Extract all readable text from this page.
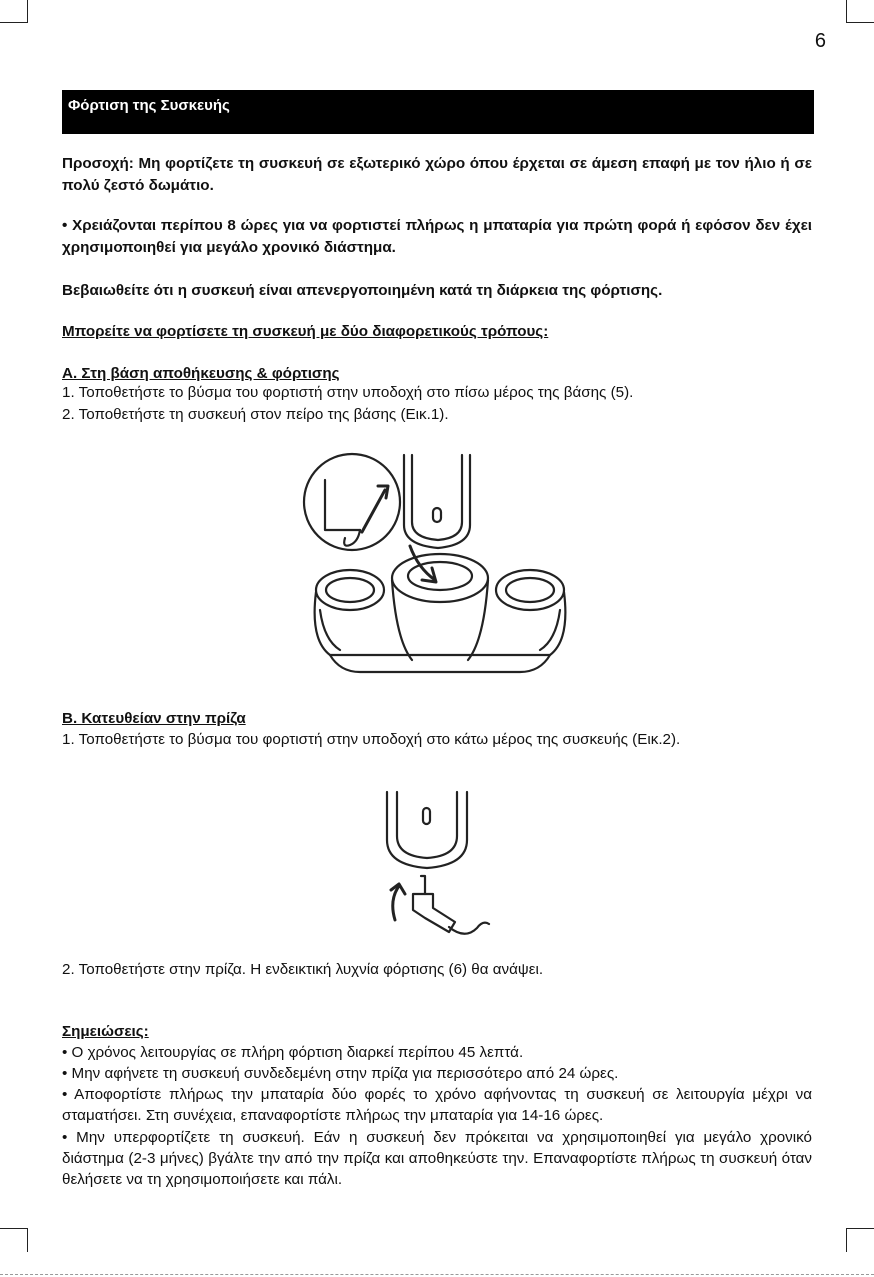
6
Φόρτιση της Συσκευής

Προσοχή: Μη φορτίζετε τη συσκευή σε εξωτερικό χώρο όπου έρχεται σε άμεση επαφή με τον ήλιο ή σε πολύ ζεστό δωμάτιο.

• Χρειάζονται περίπου 8 ώρες για να φορτιστεί πλήρως η μπαταρία για πρώτη φορά ή εφόσον δεν έχει χρησιμοποιηθεί για μεγάλο χρονικό διάστημα.

Βεβαιωθείτε ότι η συσκευή είναι απενεργοποιημένη κατά τη διάρκεια της φόρτισης.

Μπορείτε να φορτίσετε τη συσκευή με δύο διαφορετικούς τρόπους:

A. Στη βάση αποθήκευσης & φόρτισης

1. Τοποθετήστε το βύσμα του φορτιστή στην υποδοχή στο πίσω μέρος της βάσης (5).

2. Τοποθετήστε τη συσκευή στον πείρο της βάσης (Εικ.1).

B. Κατευθείαν στην πρίζα

1. Τοποθετήστε το βύσμα του φορτιστή στην υποδοχή στο κάτω μέρος της συσκευής (Εικ.2).

2. Τοποθετήστε στην πρίζα. Η ενδεικτική λυχνία φόρτισης (6) θα ανάψει.

Σημειώσεις:

• Ο χρόνος λειτουργίας σε πλήρη φόρτιση διαρκεί περίπου 45 λεπτά.

• Μην αφήνετε τη συσκευή συνδεδεμένη στην πρίζα για περισσότερο από 24 ώρες.

• Αποφορτίστε πλήρως την μπαταρία δύο φορές το χρόνο αφήνοντας τη συσκευή σε λειτουργία μέχρι να σταματήσει. Στη συνέχεια, επαναφορτίστε πλήρως την μπαταρία για 14-16 ώρες.

• Μην υπερφορτίζετε τη συσκευή. Εάν η συσκευή δεν πρόκειται να χρησιμοποιηθεί για μεγάλο χρονικό διάστημα (2-3 μήνες) βγάλτε την από την πρίζα και αποθηκεύστε την. Επαναφορτίστε πλήρως τη συσκευή όταν θελήσετε να τη χρησιμοποιήσετε και πάλι.
